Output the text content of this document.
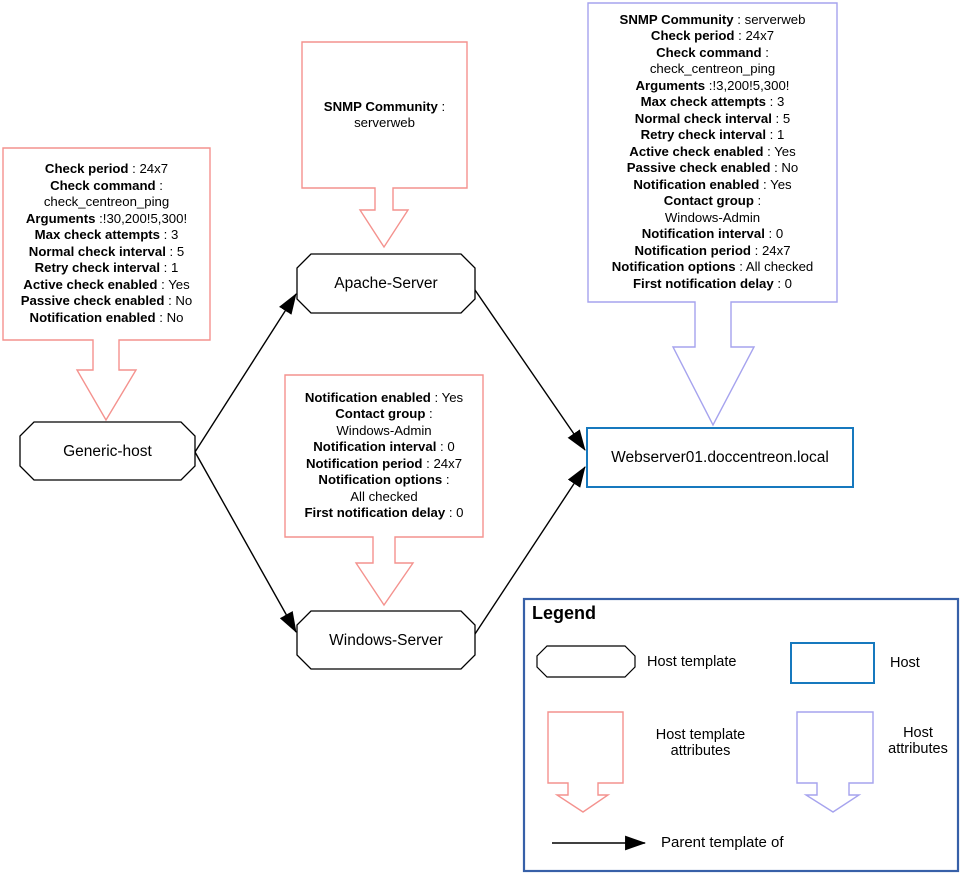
Check period : 24x7
Check command :
check_centreon_ping
Arguments :!30,200!5,300!
Max check attempts : 3
Normal check interval : 5
Retry check interval : 1
Active check enabled : Yes
Passive check enabled : No
Notification enabled : No
SNMP Community :
serverweb
Notification enabled : Yes
Contact group :
Windows-Admin
Notification interval : 0
Notification period : 24x7
Notification options :
All checked
First notification delay : 0
SNMP Community : serverweb
Check period : 24x7
Check command :
check_centreon_ping
Arguments :!3,200!5,300!
Max check attempts : 3
Normal check interval : 5
Retry check interval : 1
Active check enabled : Yes
Passive check enabled : No
Notification enabled : Yes
Contact group :
Windows-Admin
Notification interval : 0
Notification period : 24x7
Notification options : All checked
First notification delay : 0
Generic-host
Apache-Server
Windows-Server
Webserver01.doccentreon.local
Legend
Host template	Host
Host template
attributes
Host
attributes
Parent template of
